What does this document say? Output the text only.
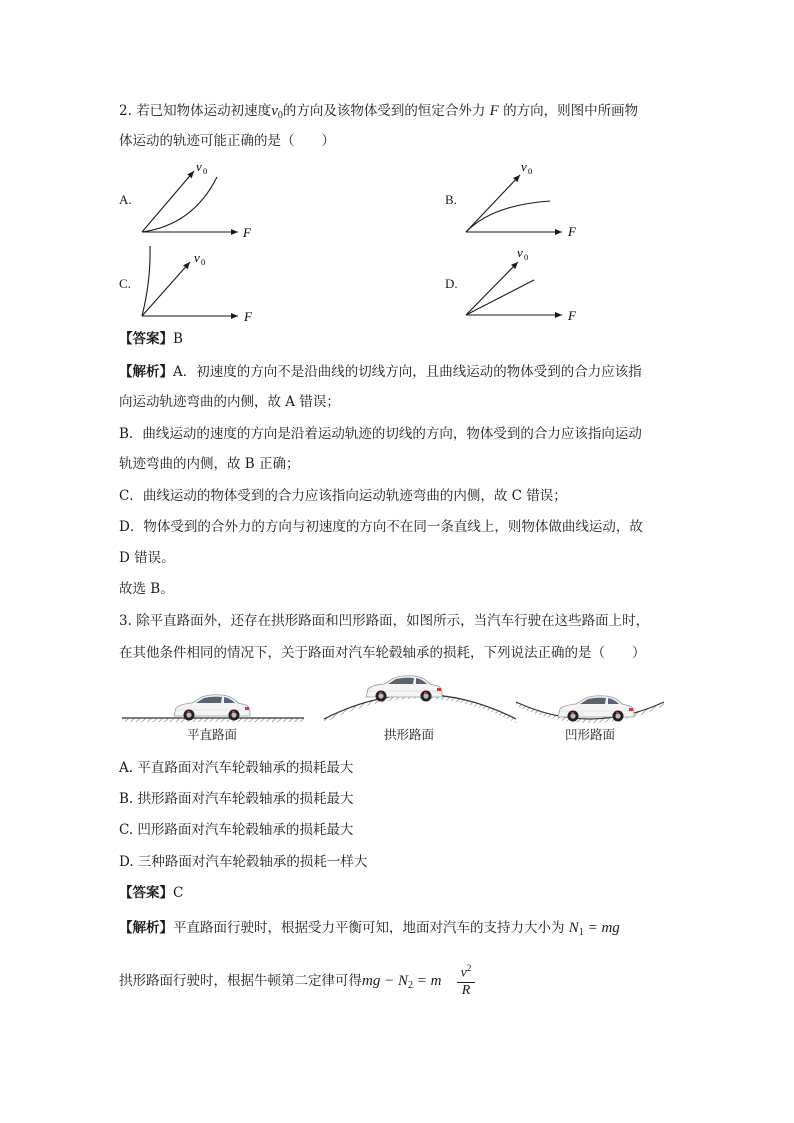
2. 若已知物体运动初速度$v_0$的方向及该物体受到的恒定合外力 F 的方向，则图中所画物
体运动的轨迹可能正确的是（　　）
A.
v 0
F
B.
v 0
F
C.
v 0
F
D.
v 0
F
【答案】B
【解析】A．初速度的方向不是沿曲线的切线方向，且曲线运动的物体受到的合力应该指
向运动轨迹弯曲的内侧，故 A 错误；
B．曲线运动的速度的方向是沿着运动轨迹的切线的方向，物体受到的合力应该指向运动
轨迹弯曲的内侧，故 B 正确；
C．曲线运动的物体受到的合力应该指向运动轨迹弯曲的内侧，故 C 错误；
D．物体受到的合外力的方向与初速度的方向不在同一条直线上，则物体做曲线运动，故
D 错误。
故选 B。
3. 除平直路面外，还存在拱形路面和凹形路面，如图所示，当汽车行驶在这些路面上时，
在其他条件相同的情况下，关于路面对汽车轮毂轴承的损耗，下列说法正确的是（　　）
平直路面	拱形路面	凹形路面
A. 平直路面对汽车轮毂轴承的损耗最大
B. 拱形路面对汽车轮毂轴承的损耗最大
C. 凹形路面对汽车轮毂轴承的损耗最大
D. 三种路面对汽车轮毂轴承的损耗一样大
【答案】C
【解析】平直路面行驶时，根据受力平衡可知，地面对汽车的支持力大小为 $N_1$ = mg
拱形路面行驶时，根据牛顿第二定律可得mg − $N_2 = m$	$v^2$
R
